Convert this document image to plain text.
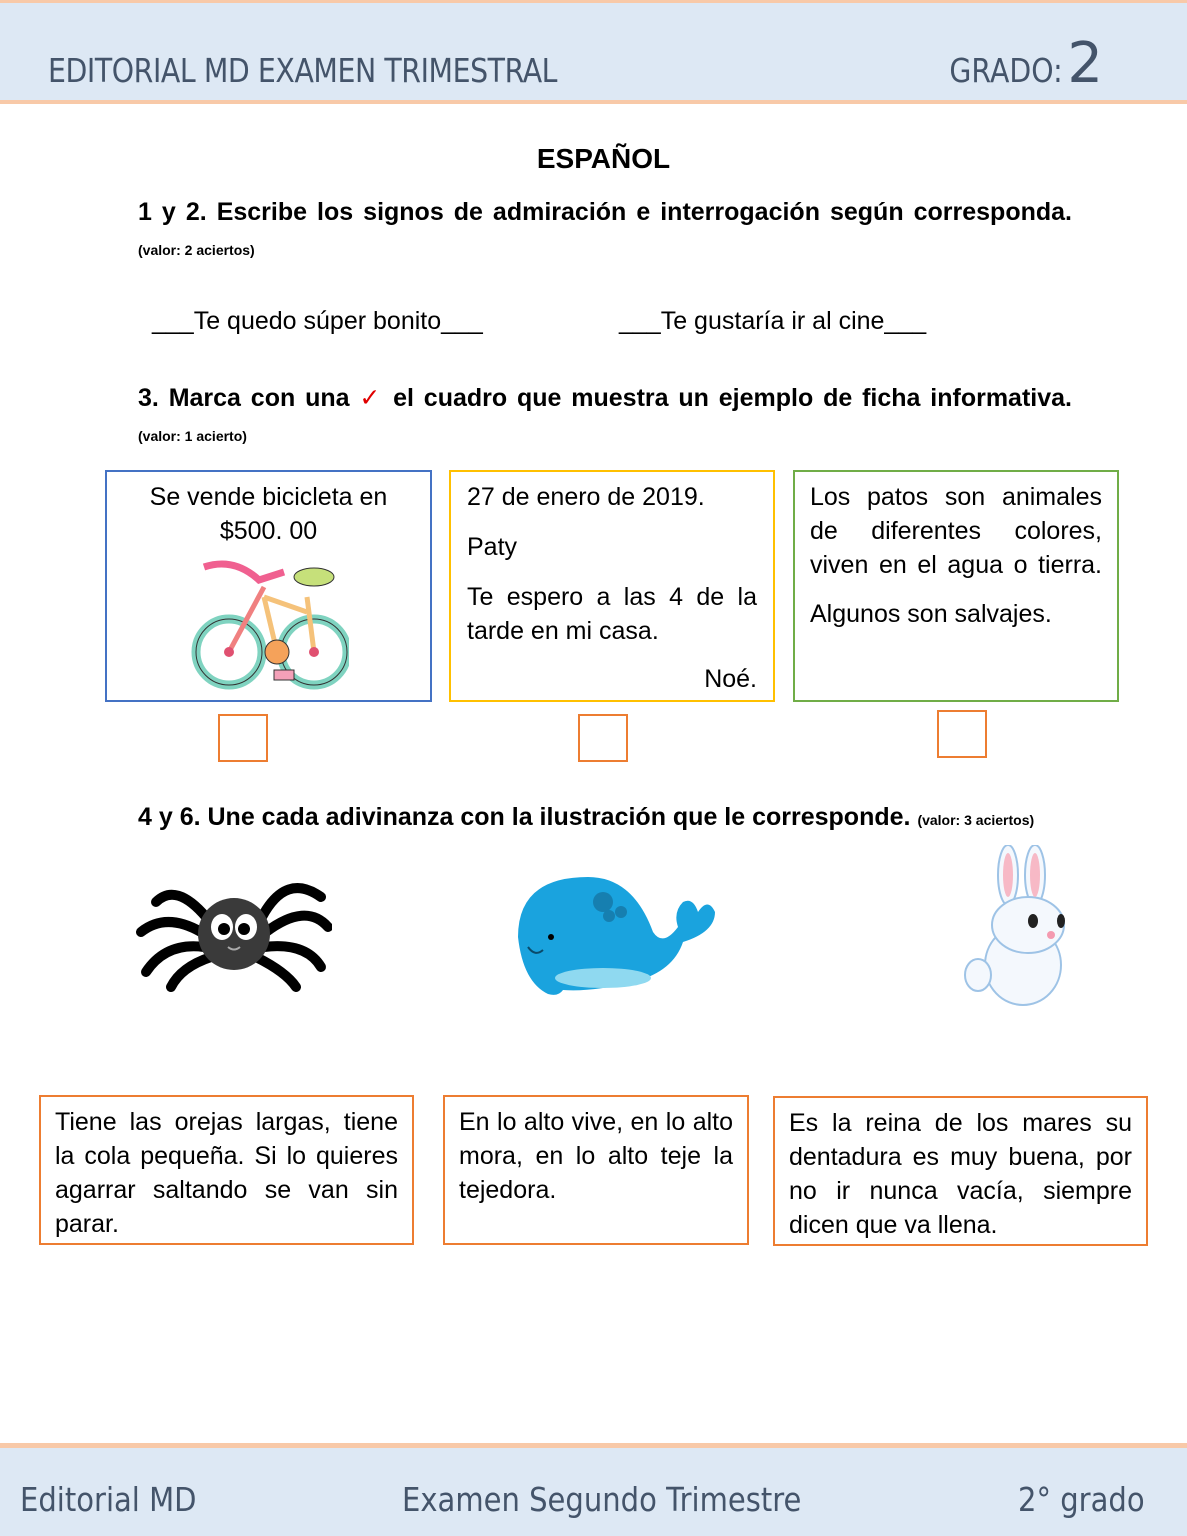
EDITORIAL MD EXAMEN TRIMESTRAL	GRADO: 2
ESPAÑOL
1 y 2. Escribe los signos de admiración e interrogación según corresponda. (valor: 2 aciertos)
___Te quedo súper bonito___	___Te gustaría ir al cine___
3. Marca con una ✓ el cuadro que muestra un ejemplo de ficha informativa. (valor: 1 acierto)

Se vende bicicleta en $500. 00

27 de enero de 2019.

Paty

Te espero a las 4 de la tarde en mi casa.

Noé.

Los patos son animales de diferentes colores, viven en el agua o tierra.

Algunos son salvajes.

4 y 6. Une cada adivinanza con la ilustración que le corresponde. (valor: 3 aciertos)
Tiene las orejas largas, tiene la cola pequeña. Si lo quieres agarrar saltando se van sin parar.
En lo alto vive, en lo alto mora, en lo alto teje la tejedora.
Es la reina de los mares su dentadura es muy buena, por no ir nunca vacía, siempre dicen que va llena.
Editorial MD	Examen Segundo Trimestre	2° grado
